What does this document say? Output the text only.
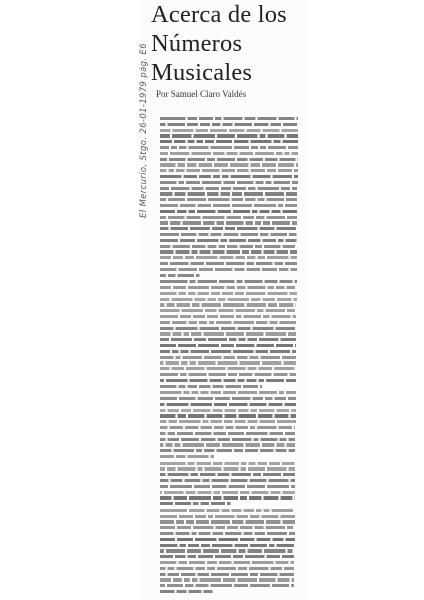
El Mercurio, Stgo. 26-01-1979 pág. E6
Acerca de los
Números
Musicales
Por Samuel Claro Valdés
